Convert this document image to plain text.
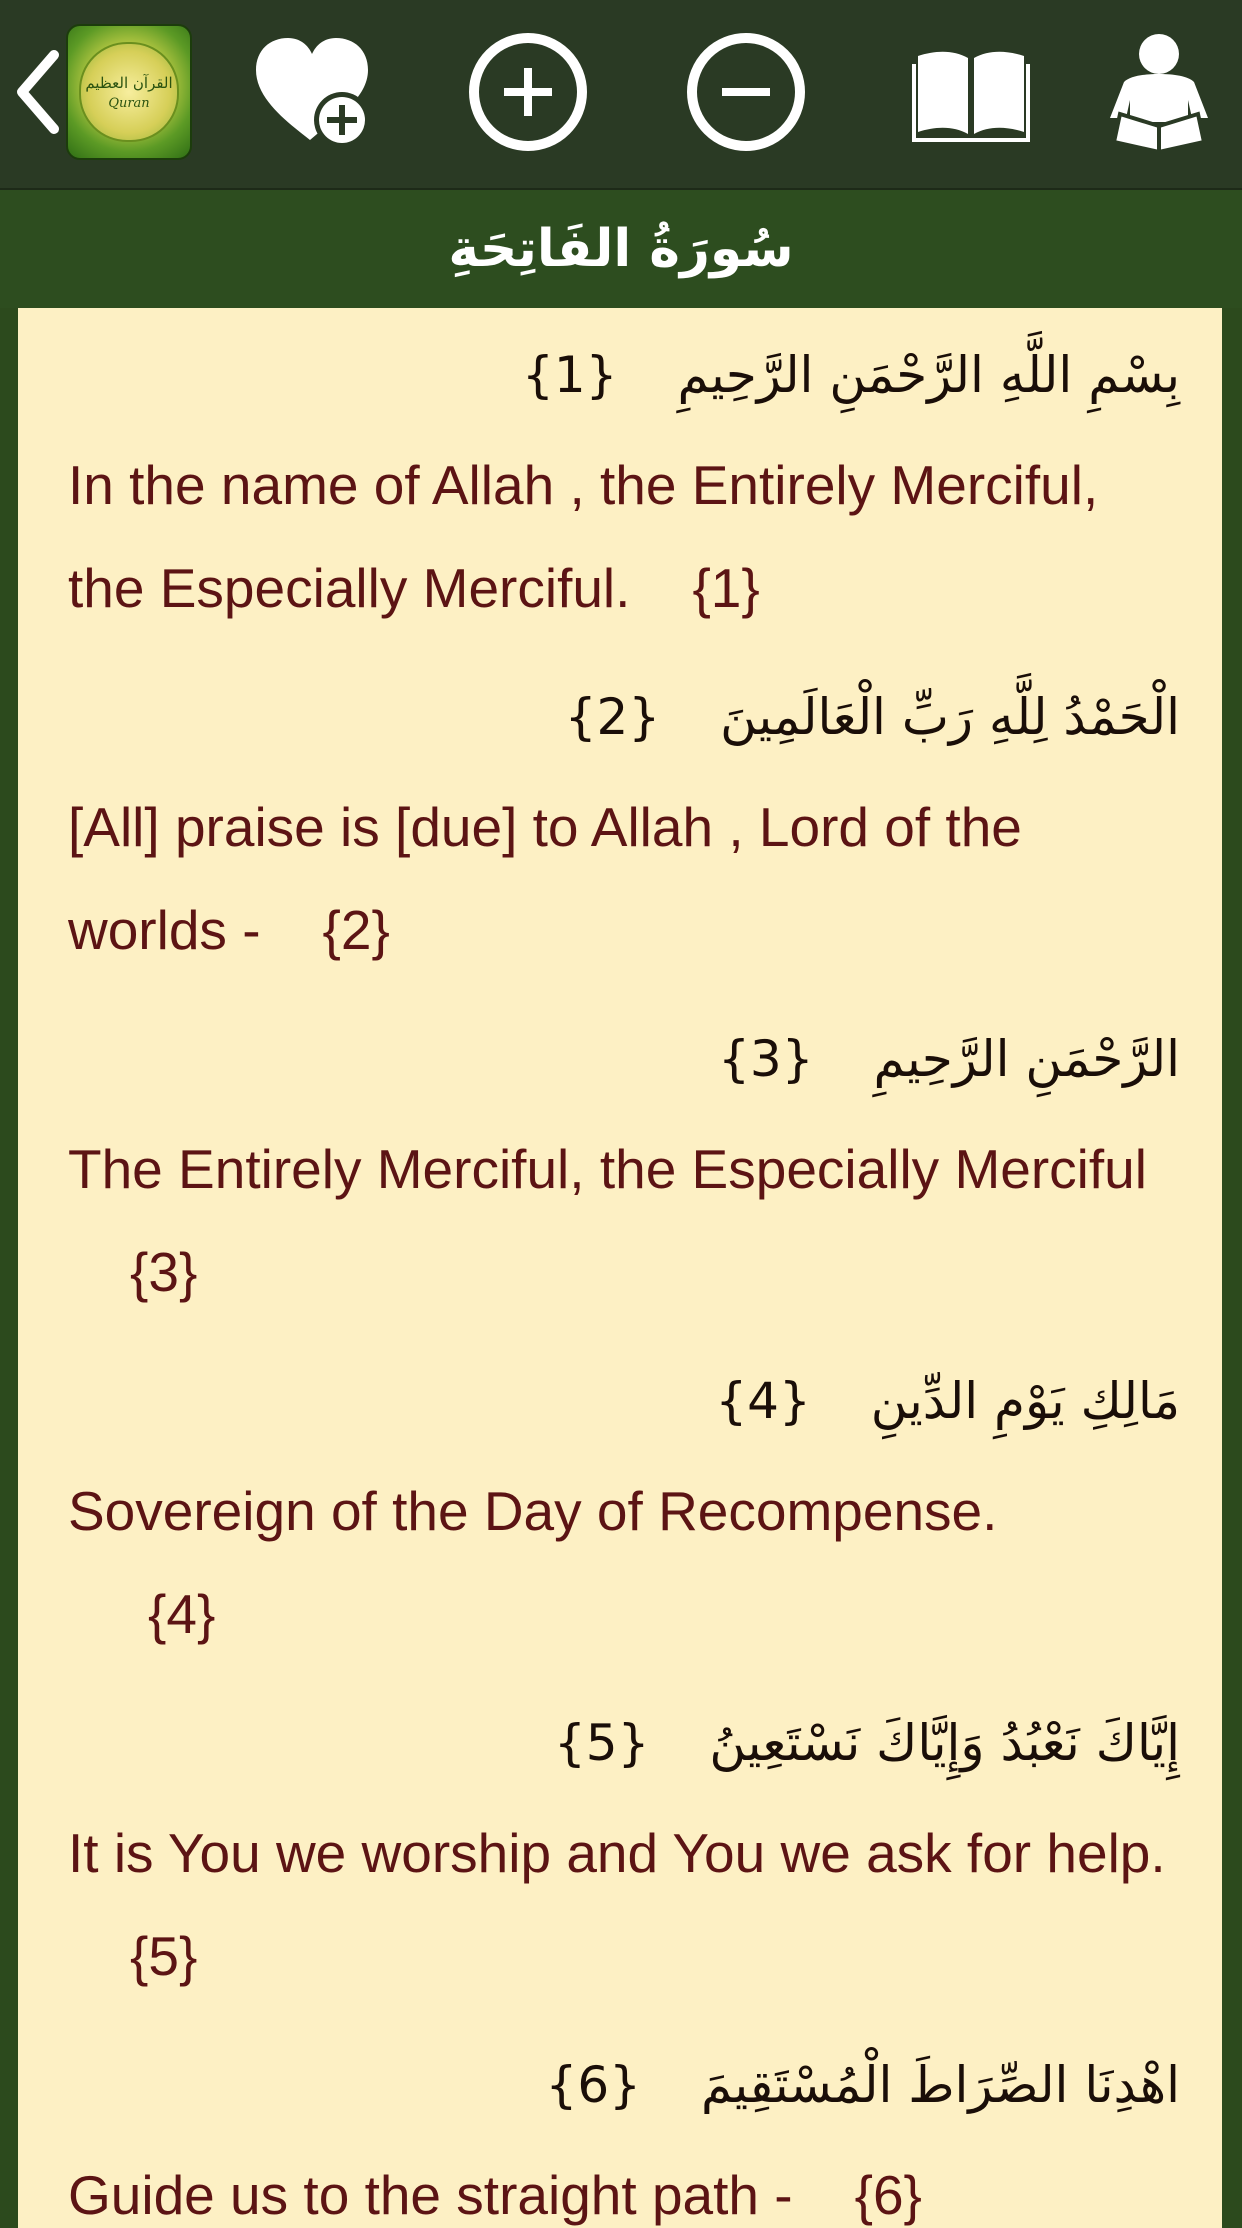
القرآن العظيم
Quran
سُورَةُ الفَاتِحَةِ
بِسْمِ اللَّهِ الرَّحْمَنِ الرَّحِيمِ{1}
In the name of Allah , the Entirely Merciful, the Especially Merciful. {1}
الْحَمْدُ لِلَّهِ رَبِّ الْعَالَمِينَ{2}
[All] praise is [due] to Allah , Lord of the worlds - {2}
الرَّحْمَنِ الرَّحِيمِ{3}
The Entirely Merciful, the Especially Merciful{3}
مَالِكِ يَوْمِ الدِّينِ{4}
Sovereign of the Day of Recompense.
{4}
إِيَّاكَ نَعْبُدُ وَإِيَّاكَ نَسْتَعِينُ{5}
It is You we worship and You we ask for help.{5}
اهْدِنَا الصِّرَاطَ الْمُسْتَقِيمَ{6}
Guide us to the straight path - {6}
